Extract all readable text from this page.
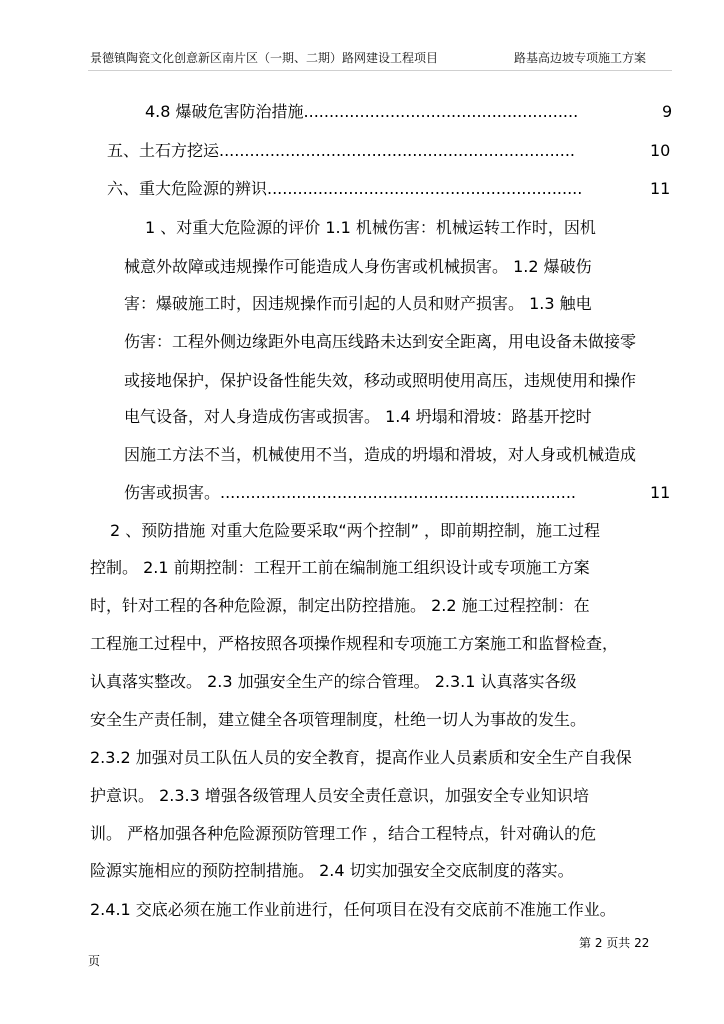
景德镇陶瓷文化创意新区南片区（一期、二期）路网建设工程项目	路基高边坡专项施工方案
4.8 爆破危害防治措施......................................................	9
五、土石方挖运......................................................................	10
六、重大危险源的辨识..............................................................	11
1 、对重大危险源的评价 1.1 机械伤害：机械运转工作时，因机
械意外故障或违规操作可能造成人身伤害或机械损害。 1.2 爆破伤
害：爆破施工时，因违规操作而引起的人员和财产损害。 1.3 触电
伤害：工程外侧边缘距外电高压线路未达到安全距离，用电设备未做接零
或接地保护，保护设备性能失效，移动或照明使用高压，违规使用和操作
电气设备，对人身造成伤害或损害。 1.4 坍塌和滑坡：路基开挖时
因施工方法不当，机械使用不当，造成的坍塌和滑坡，对人身或机械造成
伤害或损害。......................................................................	11
2 、预防措施 对重大危险要采取“两个控制” ，即前期控制，施工过程
控制。 2.1 前期控制：工程开工前在编制施工组织设计或专项施工方案
时，针对工程的各种危险源，制定出防控措施。 2.2 施工过程控制：在
工程施工过程中，严格按照各项操作规程和专项施工方案施工和监督检查，
认真落实整改。 2.3 加强安全生产的综合管理。 2.3.1 认真落实各级
安全生产责任制，建立健全各项管理制度，杜绝一切人为事故的发生。
2.3.2 加强对员工队伍人员的安全教育，提高作业人员素质和安全生产自我保
护意识。 2.3.3 增强各级管理人员安全责任意识，加强安全专业知识培
训。 严格加强各种危险源预防管理工作 ，结合工程特点，针对确认的危
险源实施相应的预防控制措施。 2.4 切实加强安全交底制度的落实。
2.4.1 交底必须在施工作业前进行，任何项目在没有交底前不准施工作业。
第 2 页共 22
页
